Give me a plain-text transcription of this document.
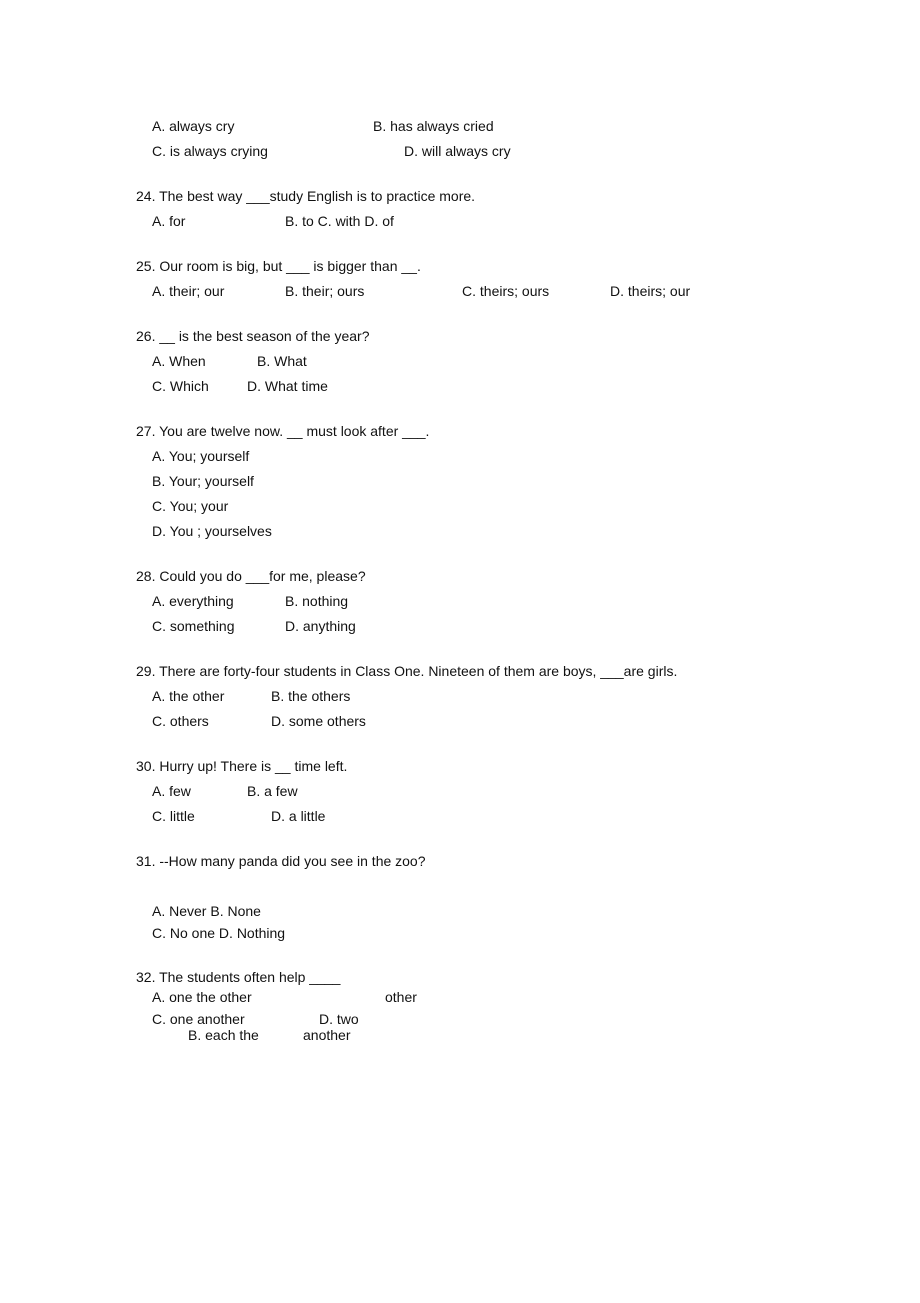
A. always cry	B. has always cried
C. is always crying	D. will always cry
24. The best way ___study English is to practice more.
A. for	B. to C. with D. of
25. Our room is big, but ___ is bigger than __.
A. their; our	B. their; ours	C. theirs; ours	D. theirs; our
26. __ is the best season of the year?
A. When	B. What
C. Which	D. What time
27. You are twelve now. __ must look after ___.
A. You; yourself
B. Your; yourself
C. You; your
D. You ; yourselves
28. Could you do ___for me, please?
A. everything	B. nothing
C. something	D. anything
29. There are forty-four students in Class One. Nineteen of them are boys, ___are girls.
A. the other	B. the others
C. others	D. some others
30. Hurry up! There is __ time left.
A. few	B. a few
C. little	D. a little
31. --How many panda did you see in the zoo?
A. Never B. None
C. No one D. Nothing
32. The students often help ____
A. one the other	other
C. one another	D. two
B. each the	another
